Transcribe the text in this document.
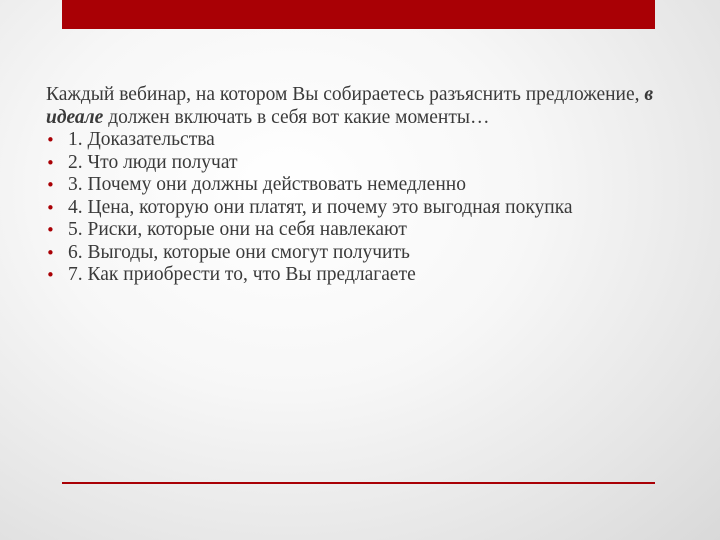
Каждый вебинар, на котором Вы собираетесь разъяснить предложение, в идеале должен включать в себя вот какие моменты…

• 1. Доказательства
• 2. Что люди получат
• 3. Почему они должны действовать немедленно
• 4. Цена, которую они платят, и почему это выгодная покупка
• 5. Риски, которые они на себя навлекают
• 6. Выгоды, которые они смогут получить
• 7. Как приобрести то, что Вы предлагаете
